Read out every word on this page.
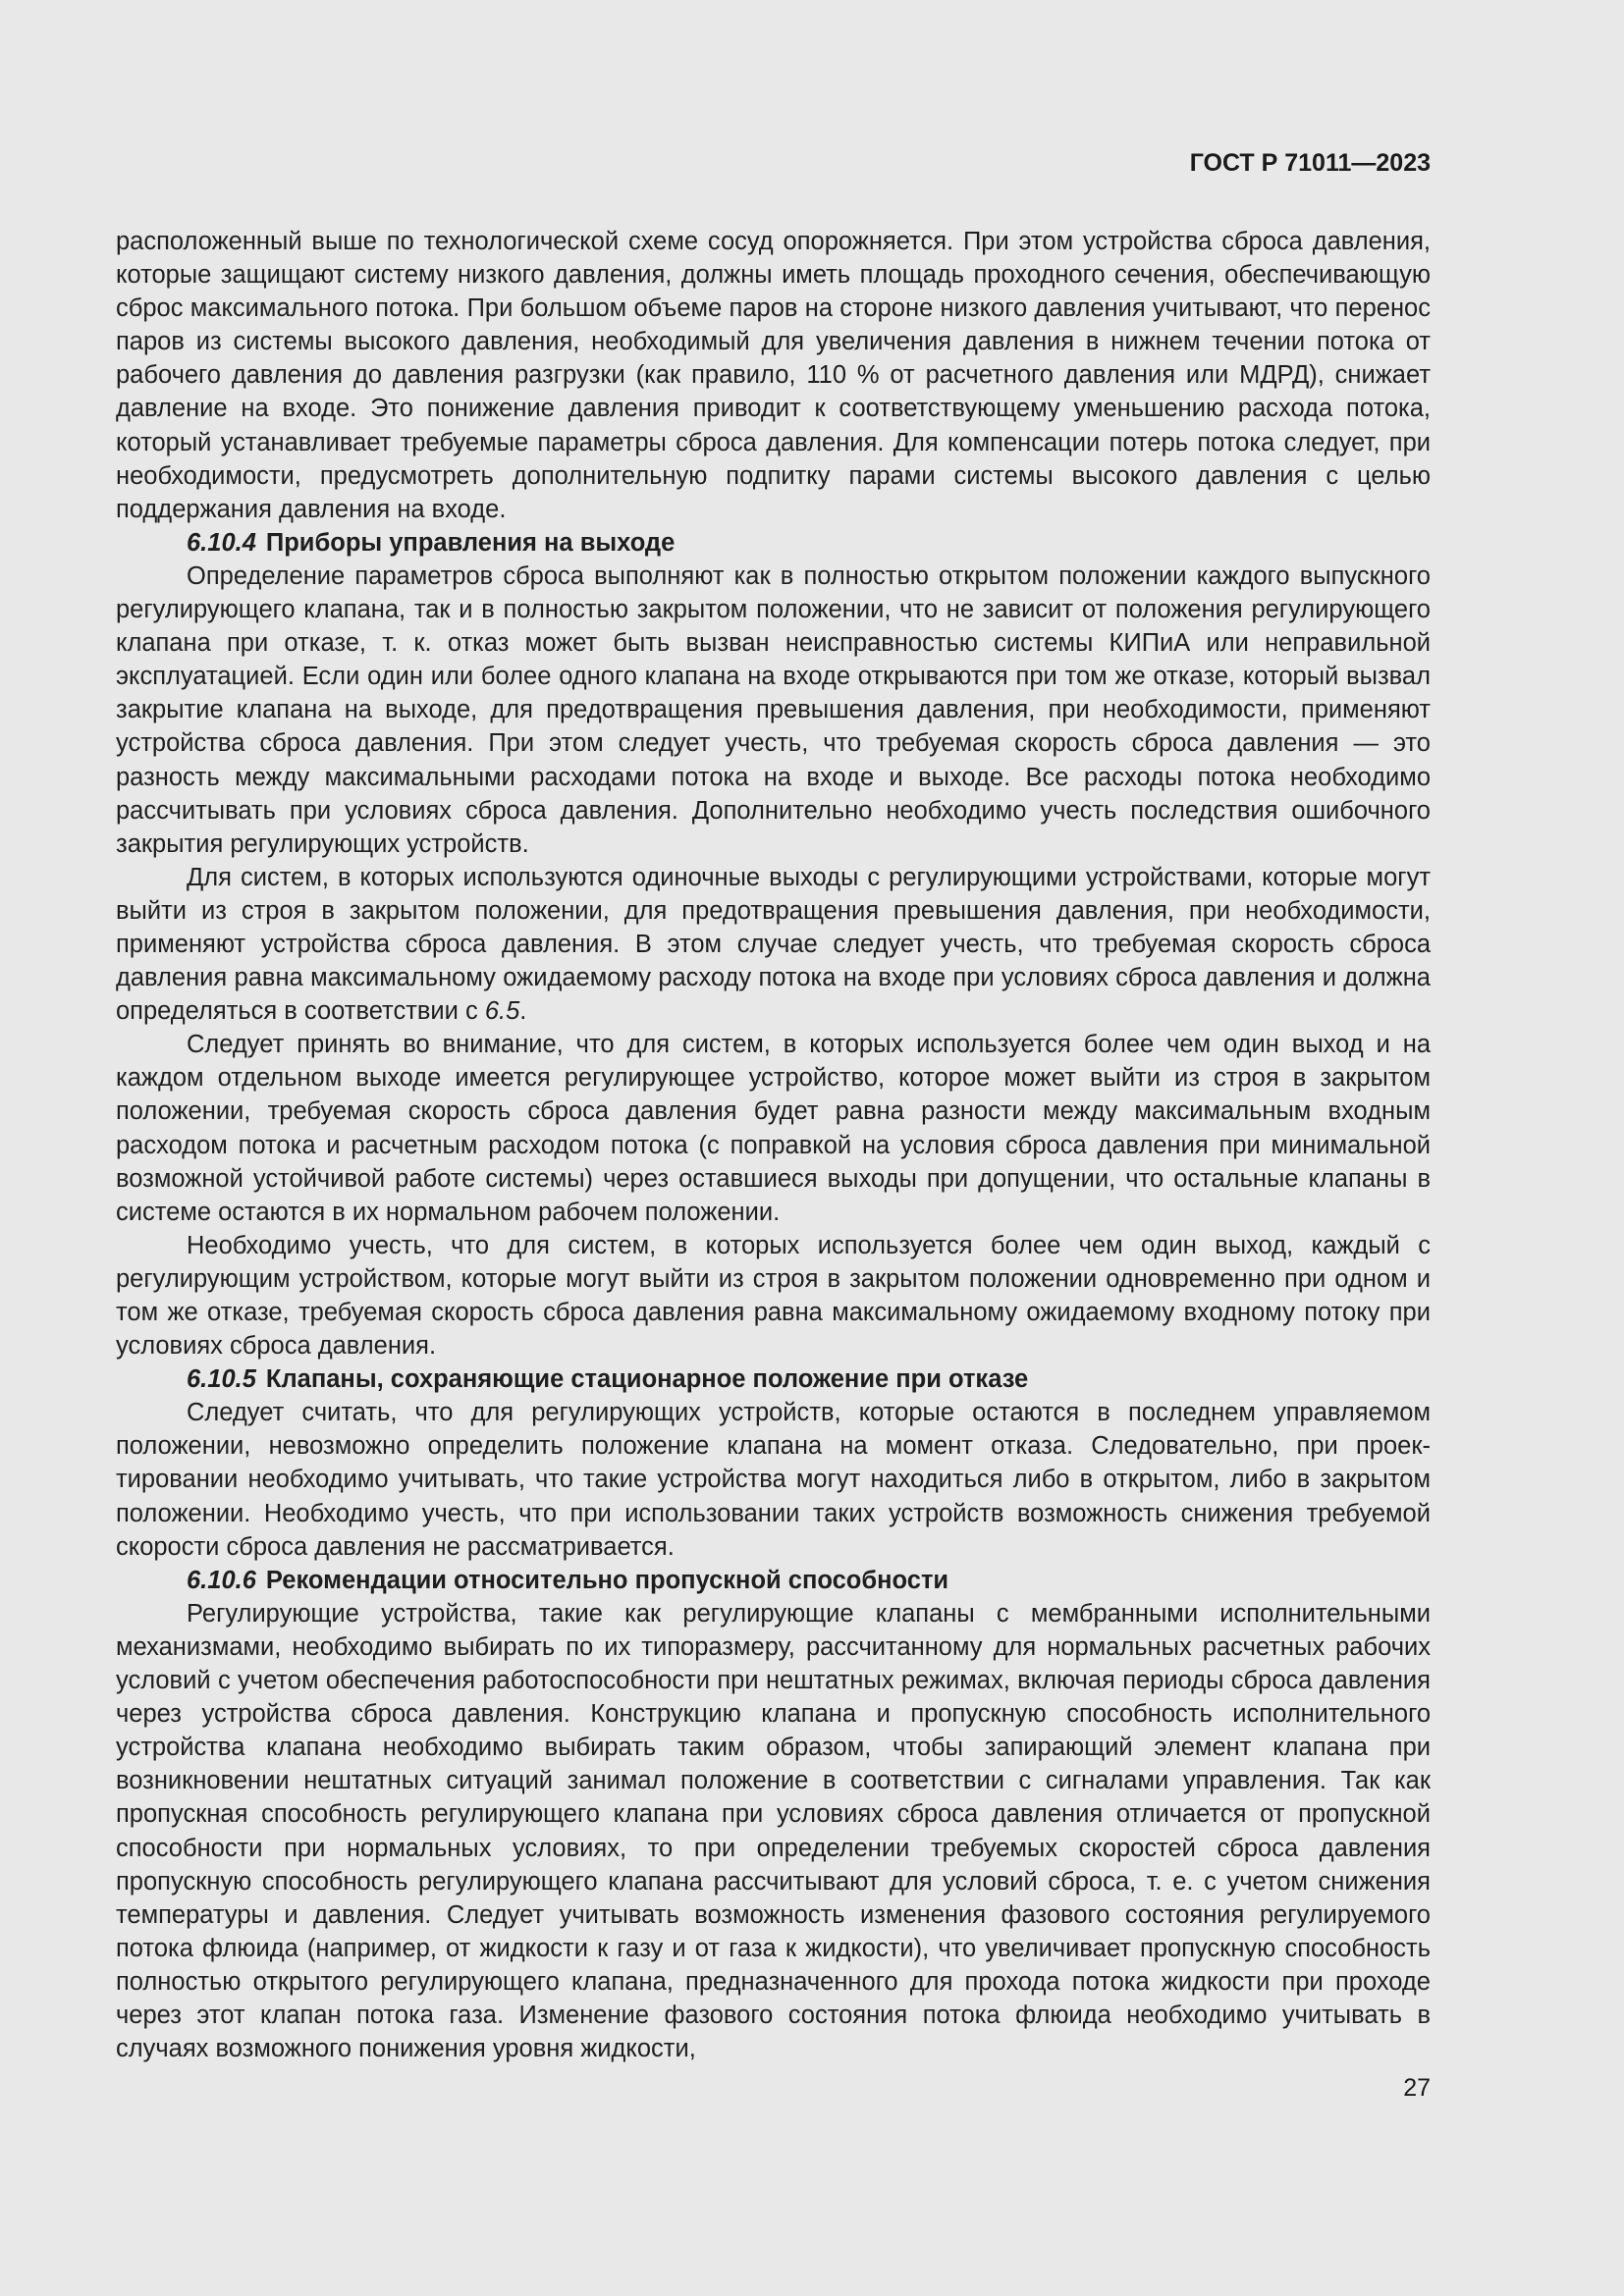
ГОСТ Р 71011—2023

расположенный выше по технологической схеме сосуд опорожняется. При этом устройства сброса давления, которые защищают систему низкого давления, должны иметь площадь проходного сечения, обеспечивающую сброс максимального потока. При большом объеме паров на стороне низкого давления учитывают, что перенос паров из системы высокого давления, необходимый для увеличения давления в нижнем течении потока от рабочего давления до давления разгрузки (как правило, 110 % от расчетного давления или МДРД), снижает давление на входе. Это понижение давления приводит к соответствующему уменьшению расхода потока, который устанавливает требуемые параметры сброса давления. Для компенсации потерь потока следует, при необходимости, предусмотреть дополнительную подпитку парами системы высокого давления с целью поддержания давления на входе.

6.10.4 Приборы управления на выходе

Определение параметров сброса выполняют как в полностью открытом положении каждого выпускного регулирующего клапана, так и в полностью закрытом положении, что не зависит от положения регулирующего клапана при отказе, т. к. отказ может быть вызван неисправностью системы КИПиА или неправильной эксплуатацией. Если один или более одного клапана на входе открываются при том же отказе, который вызвал закрытие клапана на выходе, для предотвращения превышения давления, при необходимости, применяют устройства сброса давления. При этом следует учесть, что требуемая скорость сброса давления — это разность между максимальными расходами потока на входе и выходе. Все расходы потока необходимо рассчитывать при условиях сброса давления. Дополнительно необходимо учесть последствия ошибочного закрытия регулирующих устройств.

Для систем, в которых используются одиночные выходы с регулирующими устройствами, которые могут выйти из строя в закрытом положении, для предотвращения превышения давления, при необходимости, применяют устройства сброса давления. В этом случае следует учесть, что требуемая скорость сброса давления равна максимальному ожидаемому расходу потока на входе при условиях сброса давления и должна определяться в соответствии с 6.5.

Следует принять во внимание, что для систем, в которых используется более чем один выход и на каждом отдельном выходе имеется регулирующее устройство, которое может выйти из строя в закрытом положении, требуемая скорость сброса давления будет равна разности между максимальным входным расходом потока и расчетным расходом потока (с поправкой на условия сброса давления при минимальной возможной устойчивой работе системы) через оставшиеся выходы при допущении, что остальные клапаны в системе остаются в их нормальном рабочем положении.

Необходимо учесть, что для систем, в которых используется более чем один выход, каждый с регулирующим устройством, которые могут выйти из строя в закрытом положении одновременно при одном и том же отказе, требуемая скорость сброса давления равна максимальному ожидаемому входному потоку при условиях сброса давления.

6.10.5 Клапаны, сохраняющие стационарное положение при отказе

Следует считать, что для регулирующих устройств, которые остаются в последнем управляемом положении, невозможно определить положение клапана на момент отказа. Следовательно, при проектировании необходимо учитывать, что такие устройства могут находиться либо в открытом, либо в закрытом положении. Необходимо учесть, что при использовании таких устройств возможность снижения требуемой скорости сброса давления не рассматривается.

6.10.6 Рекомендации относительно пропускной способности

Регулирующие устройства, такие как регулирующие клапаны с мембранными исполнительными механизмами, необходимо выбирать по их типоразмеру, рассчитанному для нормальных расчетных рабочих условий с учетом обеспечения работоспособности при нештатных режимах, включая периоды сброса давления через устройства сброса давления. Конструкцию клапана и пропускную способность исполнительного устройства клапана необходимо выбирать таким образом, чтобы запирающий элемент клапана при возникновении нештатных ситуаций занимал положение в соответствии с сигналами управления. Так как пропускная способность регулирующего клапана при условиях сброса давления отличается от пропускной способности при нормальных условиях, то при определении требуемых скоростей сброса давления пропускную способность регулирующего клапана рассчитывают для условий сброса, т. е. с учетом снижения температуры и давления. Следует учитывать возможность изменения фазового состояния регулируемого потока флюида (например, от жидкости к газу и от газа к жидкости), что увеличивает пропускную способность полностью открытого регулирующего клапана, предназначенного для прохода потока жидкости при проходе через этот клапан потока газа. Изменение фазового состояния потока флюида необходимо учитывать в случаях возможного понижения уровня жидкости,

27
